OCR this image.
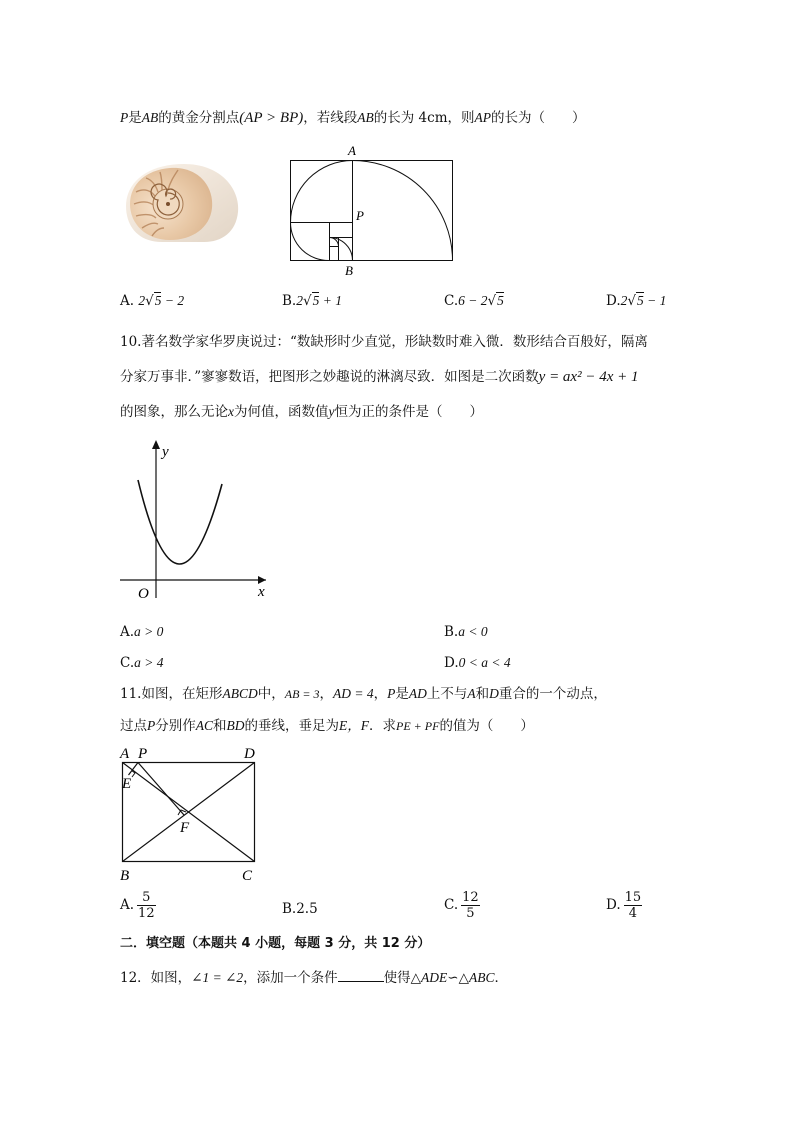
P是AB的黄金分割点(AP > BP)，若线段AB的长为 4cm，则AP的长为（　　）
A
P
B
A. 2√5 − 2	B.2√5 + 1	C.6 − 2√5	D.2√5 − 1
10.著名数学家华罗庚说过：“数缺形时少直觉，形缺数时难入微．数形结合百般好，隔离
分家万事非．”寥寥数语，把图形之妙趣说的淋漓尽致．如图是二次函数y = ax² − 4x + 1
的图象，那么无论x为何值，函数值y恒为正的条件是（　　）
y
x
O
A.a > 0	B.a < 0
C.a > 4	D.0 < a < 4
11.如图，在矩形ABCD中，AB = 3，AD = 4，P是AD上不与A和D重合的一个动点，
过点P分别作AC和BD的垂线，垂足为E，F．求PE + PF的值为（　　）
A P	D
E
F
B	C
A. $\frac{5}{12}$	B.2.5	C. $\frac{12}{5}$	D. $\frac{15}{4}$
二．填空题（本题共 4 小题，每题 3 分，共 12 分）
12．如图，∠1 = ∠2，添加一个条件	使得△ADE∽△ABC．
